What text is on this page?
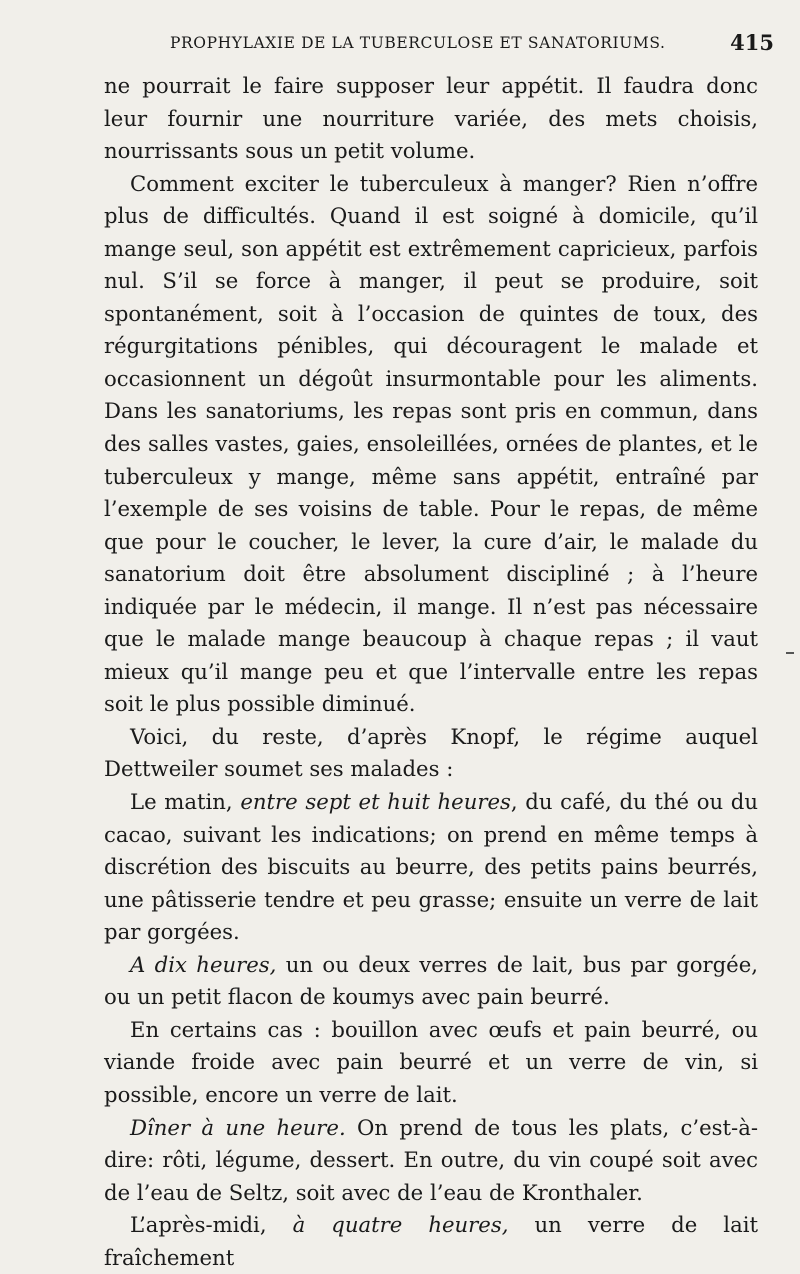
PROPHYLAXIE DE LA TUBERCULOSE ET SANATORIUMS.	415

ne pourrait le faire supposer leur appétit. Il faudra donc leur fournir une nourriture variée, des mets choisis, nourrissants sous un petit volume.

Comment exciter le tuberculeux à manger? Rien n’offre plus de difficultés. Quand il est soigné à domicile, qu’il mange seul, son appétit est extrêmement capricieux, parfois nul. S’il se force à manger, il peut se produire, soit spontanément, soit à l’occasion de quintes de toux, des régurgitations pénibles, qui découragent le malade et occasionnent un dégoût insurmontable pour les aliments. Dans les sanatoriums, les repas sont pris en commun, dans des salles vastes, gaies, ensoleillées, ornées de plantes, et le tuberculeux y mange, même sans appétit, entraîné par l’exemple de ses voisins de table. Pour le repas, de même que pour le coucher, le lever, la cure d’air, le malade du sanatorium doit être absolument discipliné ; à l’heure indiquée par le médecin, il mange. Il n’est pas nécessaire que le malade mange beaucoup à chaque repas ; il vaut mieux qu’il mange peu et que l’intervalle entre les repas soit le plus possible diminué.

Voici, du reste, d’après Knopf, le régime auquel Dettweiler soumet ses malades :

Le matin, entre sept et huit heures, du café, du thé ou du cacao, suivant les indications; on prend en même temps à discrétion des biscuits au beurre, des petits pains beurrés, une pâtisserie tendre et peu grasse; ensuite un verre de lait par gorgées.

A dix heures, un ou deux verres de lait, bus par gorgée, ou un petit flacon de koumys avec pain beurré.

En certains cas : bouillon avec œufs et pain beurré, ou viande froide avec pain beurré et un verre de vin, si possible, encore un verre de lait.

Dîner à une heure. On prend de tous les plats, c’est-à-dire: rôti, légume, dessert. En outre, du vin coupé soit avec de l’eau de Seltz, soit avec de l’eau de Kronthaler.

L’après-midi, à quatre heures, un verre de lait fraîchement
